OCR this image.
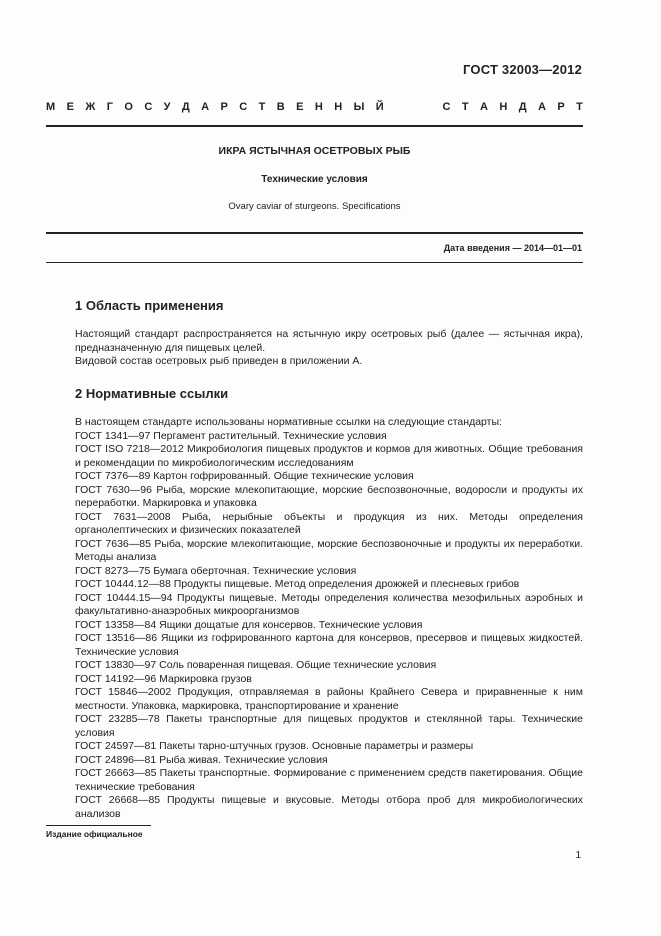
ГОСТ 32003—2012
М Е Ж Г О С У Д А Р С Т В Е Н Н Ы Й	С Т А Н Д А Р Т
ИКРА ЯСТЫЧНАЯ ОСЕТРОВЫХ РЫБ
Технические условия
Ovary caviar of sturgeons. Specifications
Дата введения — 2014—01—01
1 Область применения

Настоящий стандарт распространяется на ястычную икру осетровых рыб (далее — ястычная икра), предназначенную для пищевых целей.

Видовой состав осетровых рыб приведен в приложении А.

2 Нормативные ссылки

В настоящем стандарте использованы нормативные ссылки на следующие стандарты:

ГОСТ 1341—97 Пергамент растительный. Технические условия

ГОСТ ISO 7218—2012 Микробиология пищевых продуктов и кормов для животных. Общие требования и рекомендации по микробиологическим исследованиям

ГОСТ 7376—89 Картон гофрированный. Общие технические условия

ГОСТ 7630—96 Рыба, морские млекопитающие, морские беспозвоночные, водоросли и продукты их переработки. Маркировка и упаковка

ГОСТ 7631—2008 Рыба, нерыбные объекты и продукция из них. Методы определения органолептических и физических показателей

ГОСТ 7636—85 Рыба, морские млекопитающие, морские беспозвоночные и продукты их переработки. Методы анализа

ГОСТ 8273—75 Бумага оберточная. Технические условия

ГОСТ 10444.12—88 Продукты пищевые. Метод определения дрожжей и плесневых грибов

ГОСТ 10444.15—94 Продукты пищевые. Методы определения количества мезофильных аэробных и факультативно-анаэробных микроорганизмов

ГОСТ 13358—84 Ящики дощатые для консервов. Технические условия

ГОСТ 13516—86 Ящики из гофрированного картона для консервов, пресервов и пищевых жидкостей. Технические условия

ГОСТ 13830—97 Соль поваренная пищевая. Общие технические условия

ГОСТ 14192—96 Маркировка грузов

ГОСТ 15846—2002 Продукция, отправляемая в районы Крайнего Севера и приравненные к ним местности. Упаковка, маркировка, транспортирование и хранение

ГОСТ 23285—78 Пакеты транспортные для пищевых продуктов и стеклянной тары. Технические условия

ГОСТ 24597—81 Пакеты тарно-штучных грузов. Основные параметры и размеры

ГОСТ 24896—81 Рыба живая. Технические условия

ГОСТ 26663—85 Пакеты транспортные. Формирование с применением средств пакетирования. Общие технические требования

ГОСТ 26668—85 Продукты пищевые и вкусовые. Методы отбора проб для микробиологических анализов

Издание официальное
1
